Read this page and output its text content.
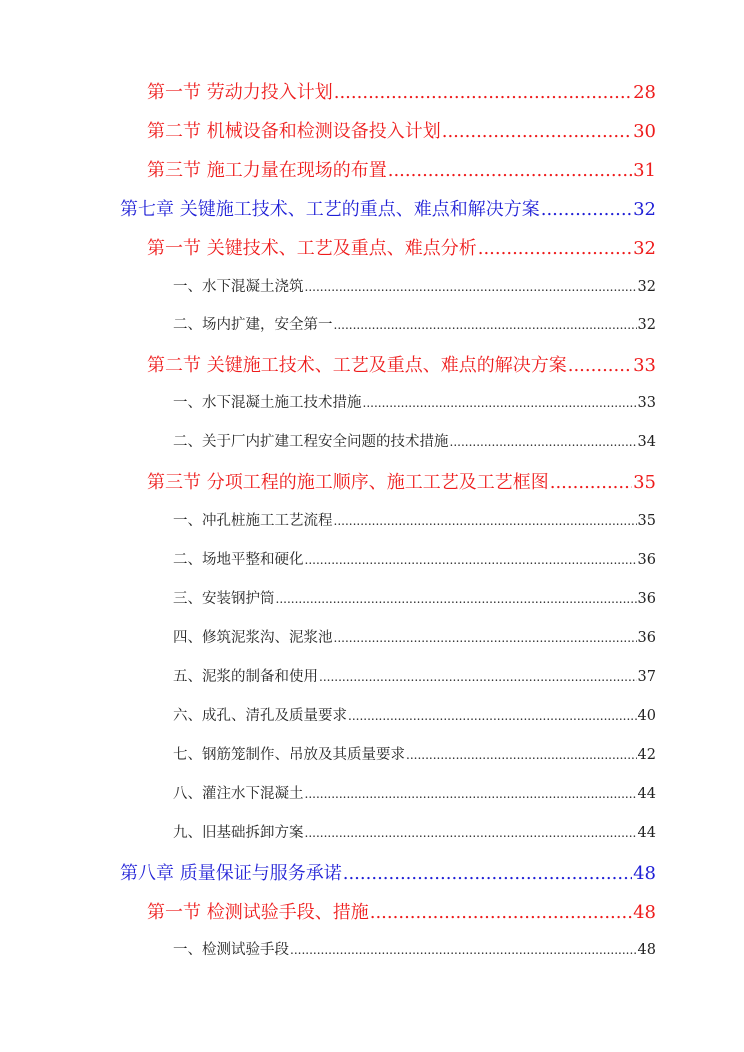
第一节 劳动力投入计划 .....	28
第二节 机械设备和检测设备投入计划 .....	30
第三节 施工力量在现场的布置 .....	31
第七章 关键施工技术、工艺的重点、难点和解决方案 .....	32
第一节 关键技术、工艺及重点、难点分析 .....	32
一、水下混凝土浇筑 .....	32
二、场内扩建，安全第一 .....	32
第二节 关键施工技术、工艺及重点、难点的解决方案 .....	33
一、水下混凝土施工技术措施 .....	33
二、关于厂内扩建工程安全问题的技术措施 .....	34
第三节 分项工程的施工顺序、施工工艺及工艺框图 .....	35
一、冲孔桩施工工艺流程 .....	35
二、场地平整和硬化 .....	36
三、安装钢护筒 .....	36
四、修筑泥浆沟、泥浆池 .....	36
五、泥浆的制备和使用 .....	37
六、成孔、清孔及质量要求 .....	40
七、钢筋笼制作、吊放及其质量要求 .....	42
八、灌注水下混凝土 .....	44
九、旧基础拆卸方案 .....	44
第八章 质量保证与服务承诺 .....	48
第一节 检测试验手段、措施 .....	48
一、检测试验手段 .....	48
